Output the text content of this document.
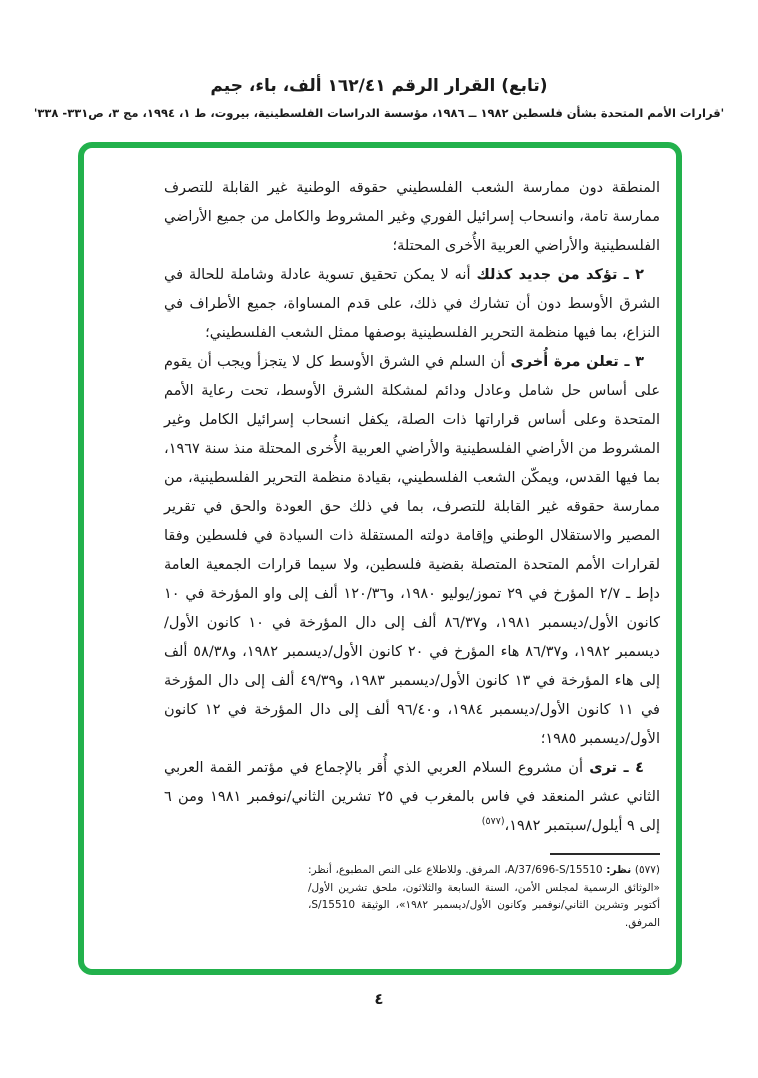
(تابع) القرار الرقم ١٦٢/٤١ ألف، باء، جيم
'قرارات الأمم المتحدة بشأن فلسطين ١٩٨٢ ــ ١٩٨٦، مؤسسة الدراسات الفلسطينية، بيروت، ط ١، ١٩٩٤، مج ٣، ص٣٣١- ٣٣٨'

المنطقة دون ممارسة الشعب الفلسطيني حقوقه الوطنية غير القابلة للتصرف ممارسة تامة، وانسحاب إسرائيل الفوري وغير المشروط والكامل من جميع الأراضي الفلسطينية والأراضي العربية الأُخرى المحتلة؛

٢ ـ تؤكد من جديد كذلك أنه لا يمكن تحقيق تسوية عادلة وشاملة للحالة في الشرق الأوسط دون أن تشارك في ذلك، على قدم المساواة، جميع الأطراف في النزاع، بما فيها منظمة التحرير الفلسطينية بوصفها ممثل الشعب الفلسطيني؛

٣ ـ تعلن مرة أُخرى أن السلم في الشرق الأوسط كل لا يتجزأ ويجب أن يقوم على أساس حل شامل وعادل ودائم لمشكلة الشرق الأوسط، تحت رعاية الأمم المتحدة وعلى أساس قراراتها ذات الصلة، يكفل انسحاب إسرائيل الكامل وغير المشروط من الأراضي الفلسطينية والأراضي العربية الأُخرى المحتلة منذ سنة ١٩٦٧، بما فيها القدس، ويمكّن الشعب الفلسطيني، بقيادة منظمة التحرير الفلسطينية، من ممارسة حقوقه غير القابلة للتصرف، بما في ذلك حق العودة والحق في تقرير المصير والاستقلال الوطني وإقامة دولته المستقلة ذات السيادة في فلسطين وفقا لقرارات الأمم المتحدة المتصلة بقضية فلسطين، ولا سيما قرارات الجمعية العامة دإط ـ ٢/٧ المؤرخ في ٢٩ تموز/يوليو ١٩٨٠، و١٢٠/٣٦ ألف إلى واو المؤرخة في ١٠ كانون الأول/ديسمبر ١٩٨١، و٨٦/٣٧ ألف إلى دال المؤرخة في ١٠ كانون الأول/ديسمبر ١٩٨٢، و٨٦/٣٧ هاء المؤرخ في ٢٠ كانون الأول/ديسمبر ١٩٨٢، و٥٨/٣٨ ألف إلى هاء المؤرخة في ١٣ كانون الأول/ديسمبر ١٩٨٣، و٤٩/٣٩ ألف إلى دال المؤرخة في ١١ كانون الأول/ديسمبر ١٩٨٤، و٩٦/٤٠ ألف إلى دال المؤرخة في ١٢ كانون الأول/ديسمبر ١٩٨٥؛

٤ ـ ترى أن مشروع السلام العربي الذي أُقر بالإجماع في مؤتمر القمة العربي الثاني عشر المنعقد في فاس بالمغرب في ٢٥ تشرين الثاني/نوفمبر ١٩٨١ ومن ٦ إلى ٩ أيلول/سبتمبر ١٩٨٢،$^{(٥٧٧)}$

(٥٧٧) نظر: A/37/696-S/15510، المرفق. وللاطلاع على النص المطبوع، أنظر: «الوثائق الرسمية لمجلس الأمن، السنة السابعة والثلاثون، ملحق تشرين الأول/أكتوبر وتشرين الثاني/نوفمبر وكانون الأول/ديسمبر ١٩٨٢»، الوثيقة S/15510، المرفق.

٤
